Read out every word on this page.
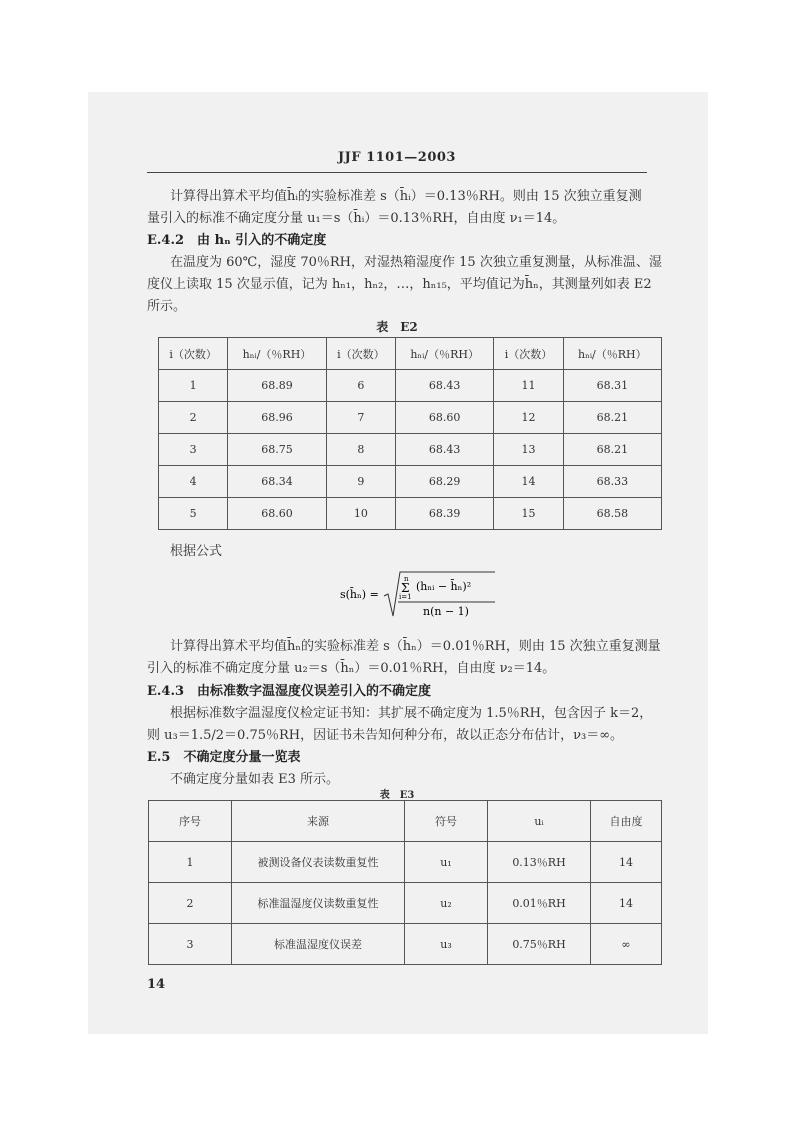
JJF 1101—2003
计算得出算术平均值h̄ᵢ的实验标准差 s（h̄ᵢ）＝0.13％RH。则由 15 次独立重复测
量引入的标准不确定度分量 u₁＝s（h̄ᵢ）＝0.13％RH，自由度 ν₁＝14。
E.4.2　由 hₙ 引入的不确定度
在温度为 60℃，湿度 70％RH，对湿热箱湿度作 15 次独立重复测量，从标准温、湿
度仪上读取 15 次显示值，记为 hₙ₁，hₙ₂，…，hₙ₁₅，平均值记为h̄ₙ，其测量列如表 E2
所示。
表　E2
i（次数）	hₙᵢ/（％RH）	i（次数）	hₙᵢ/（％RH）	i（次数）	hₙᵢ/（％RH）
1	68.89	6	68.43	11	68.31
2	68.96	7	68.60	12	68.21
3	68.75	8	68.43	13	68.21
4	68.34	9	68.29	14	68.33
5	68.60	10	68.39	15	68.58
根据公式
s(h̄ₙ) =
n
Σ
i=1
(hₙᵢ − h̄ₙ)²
n(n − 1)
计算得出算术平均值h̄ₙ的实验标准差 s（h̄ₙ）＝0.01％RH，则由 15 次独立重复测量
引入的标准不确定度分量 u₂＝s（h̄ₙ）＝0.01％RH，自由度 ν₂＝14。
E.4.3　由标准数字温湿度仪误差引入的不确定度
根据标准数字温湿度仪检定证书知：其扩展不确定度为 1.5％RH，包含因子 k＝2，
则 u₃＝1.5/2＝0.75％RH，因证书未告知何种分布，故以正态分布估计，ν₃＝∞。
E.5　不确定度分量一览表
不确定度分量如表 E3 所示。
表　E3
序号	来源	符号	uᵢ	自由度
1	被测设备仪表读数重复性	u₁	0.13％RH	14
2	标准温湿度仪读数重复性	u₂	0.01％RH	14
3	标准温湿度仪误差	u₃	0.75％RH	∞
14
